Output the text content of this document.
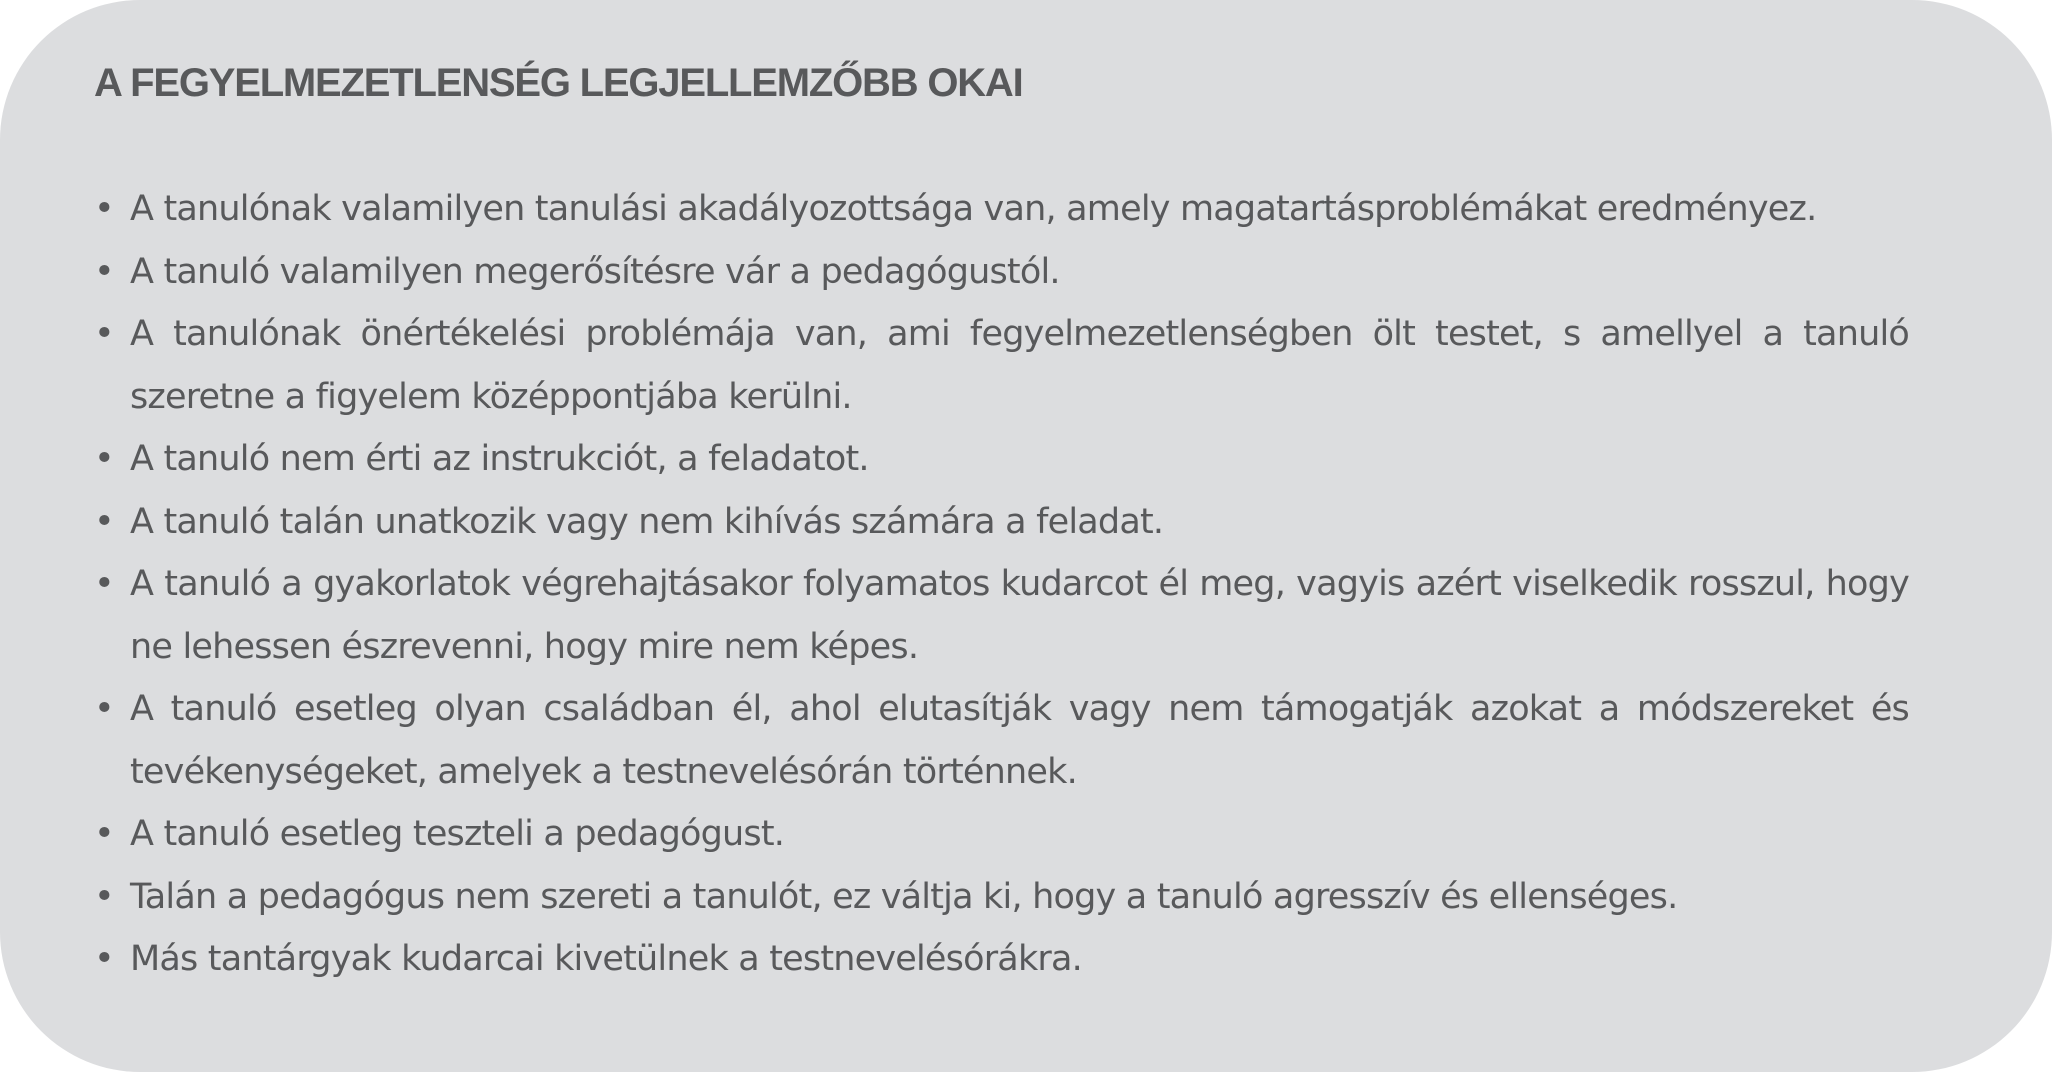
A FEGYELMEZETLENSÉG LEGJELLEMZŐBB OKAI
• A tanulónak valamilyen tanulási akadályozottsága van, amely magatartásproblémákat eredményez.
• A tanuló valamilyen megerősítésre vár a pedagógustól.
• A tanulónak önértékelési problémája van, ami fegyelmezetlenségben ölt testet, s amellyel a tanuló szeretne a figyelem középpontjába kerülni.
• A tanuló nem érti az instrukciót, a feladatot.
• A tanuló talán unatkozik vagy nem kihívás számára a feladat.
• A tanuló a gyakorlatok végrehajtásakor folyamatos kudarcot él meg, vagyis azért viselkedik rosszul, hogy ne lehessen észrevenni, hogy mire nem képes.
• A tanuló esetleg olyan családban él, ahol elutasítják vagy nem támogatják azokat a módszereket és tevékenységeket, amelyek a testnevelésórán történnek.
• A tanuló esetleg teszteli a pedagógust.
• Talán a pedagógus nem szereti a tanulót, ez váltja ki, hogy a tanuló agresszív és ellenséges.
• Más tantárgyak kudarcai kivetülnek a testnevelésórákra.
